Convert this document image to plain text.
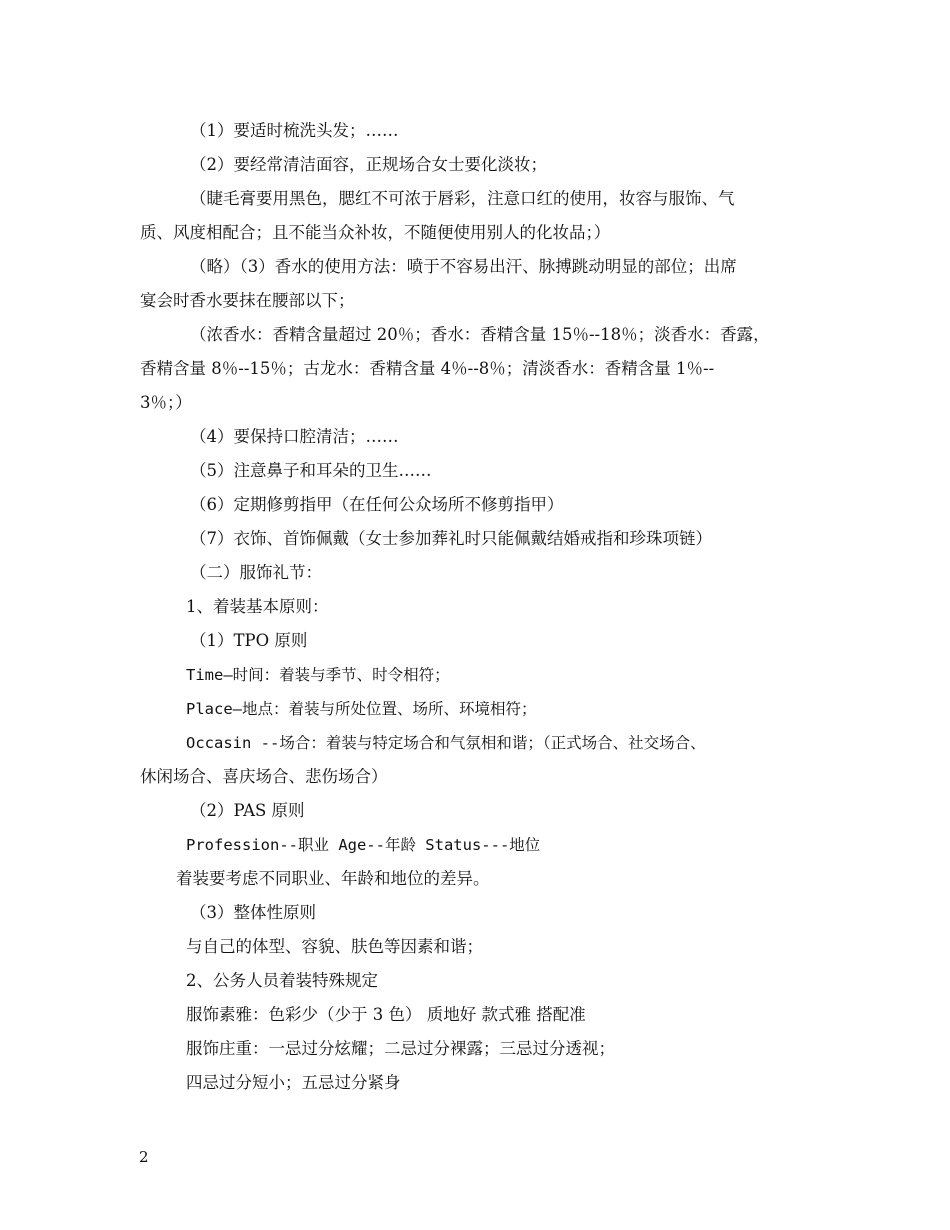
（1）要适时梳洗头发；……
（2）要经常清洁面容，正规场合女士要化淡妆；
（睫毛膏要用黑色，腮红不可浓于唇彩，注意口红的使用，妆容与服饰、气
质、风度相配合；且不能当众补妆，不随便使用别人的化妆品；）
（略）（3）香水的使用方法：喷于不容易出汗、脉搏跳动明显的部位；出席
宴会时香水要抹在腰部以下；
（浓香水：香精含量超过 20％；香水：香精含量 15％--18％；淡香水：香露，
香精含量 8％--15％；古龙水：香精含量 4％--8％；清淡香水：香精含量 1％--
3％；）
（4）要保持口腔清洁；……
（5）注意鼻子和耳朵的卫生……
（6）定期修剪指甲（在任何公众场所不修剪指甲）
（7）衣饰、首饰佩戴（女士参加葬礼时只能佩戴结婚戒指和珍珠项链）
（二）服饰礼节：
1、着装基本原则：
（1）TPO 原则
Time—时间：着装与季节、时令相符；
Place—地点：着装与所处位置、场所、环境相符；
Occasin --场合：着装与特定场合和气氛相和谐；（正式场合、社交场合、
休闲场合、喜庆场合、悲伤场合）
（2）PAS 原则
Profession--职业 Age--年龄 Status---地位
着装要考虑不同职业、年龄和地位的差异。
（3）整体性原则
与自己的体型、容貌、肤色等因素和谐；
2、公务人员着装特殊规定
服饰素雅：色彩少（少于 3 色） 质地好 款式雅 搭配准
服饰庄重：一忌过分炫耀；二忌过分裸露；三忌过分透视；
四忌过分短小；五忌过分紧身
2
